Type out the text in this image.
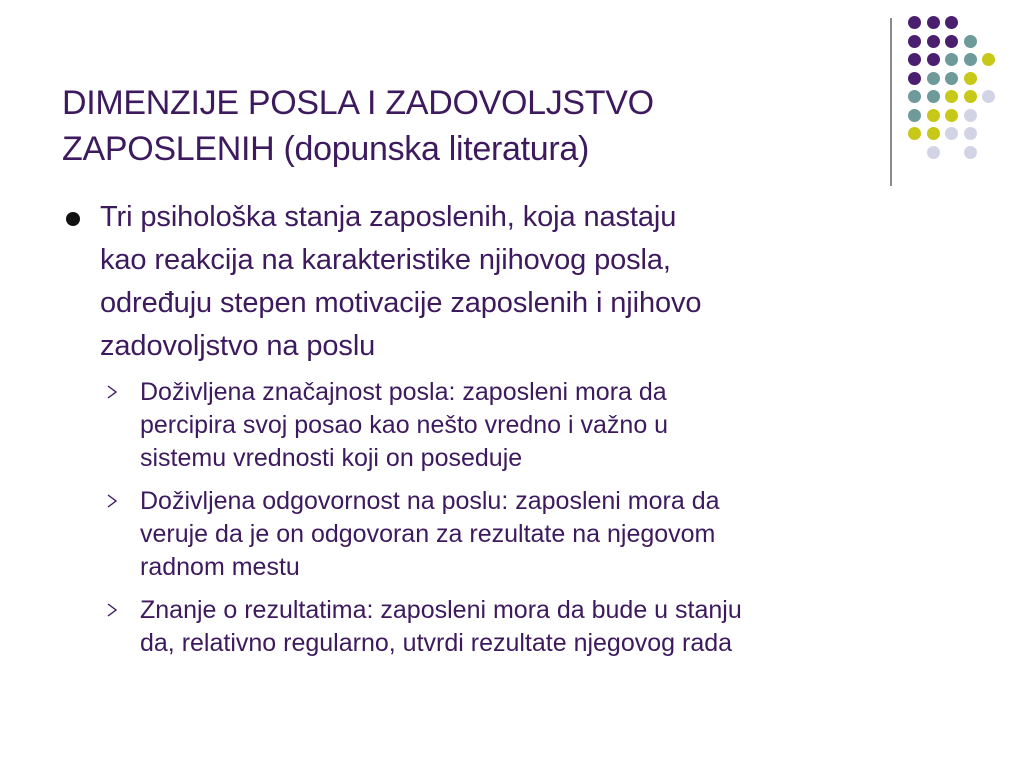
DIMENZIJE POSLA I ZADOVOLJSTVO
ZAPOSLENIH (dopunska literatura)
Tri psihološka stanja zaposlenih, koja nastaju
kao reakcija na karakteristike njihovog posla,
određuju stepen motivacije zaposlenih i njihovo
zadovoljstvo na poslu
Doživljena značajnost posla: zaposleni mora da
percipira svoj posao kao nešto vredno i važno u
sistemu vrednosti koji on poseduje
Doživljena odgovornost na poslu: zaposleni mora da
veruje da je on odgovoran za rezultate na njegovom
radnom mestu
Znanje o rezultatima: zaposleni mora da bude u stanju
da, relativno regularno, utvrdi rezultate njegovog rada
